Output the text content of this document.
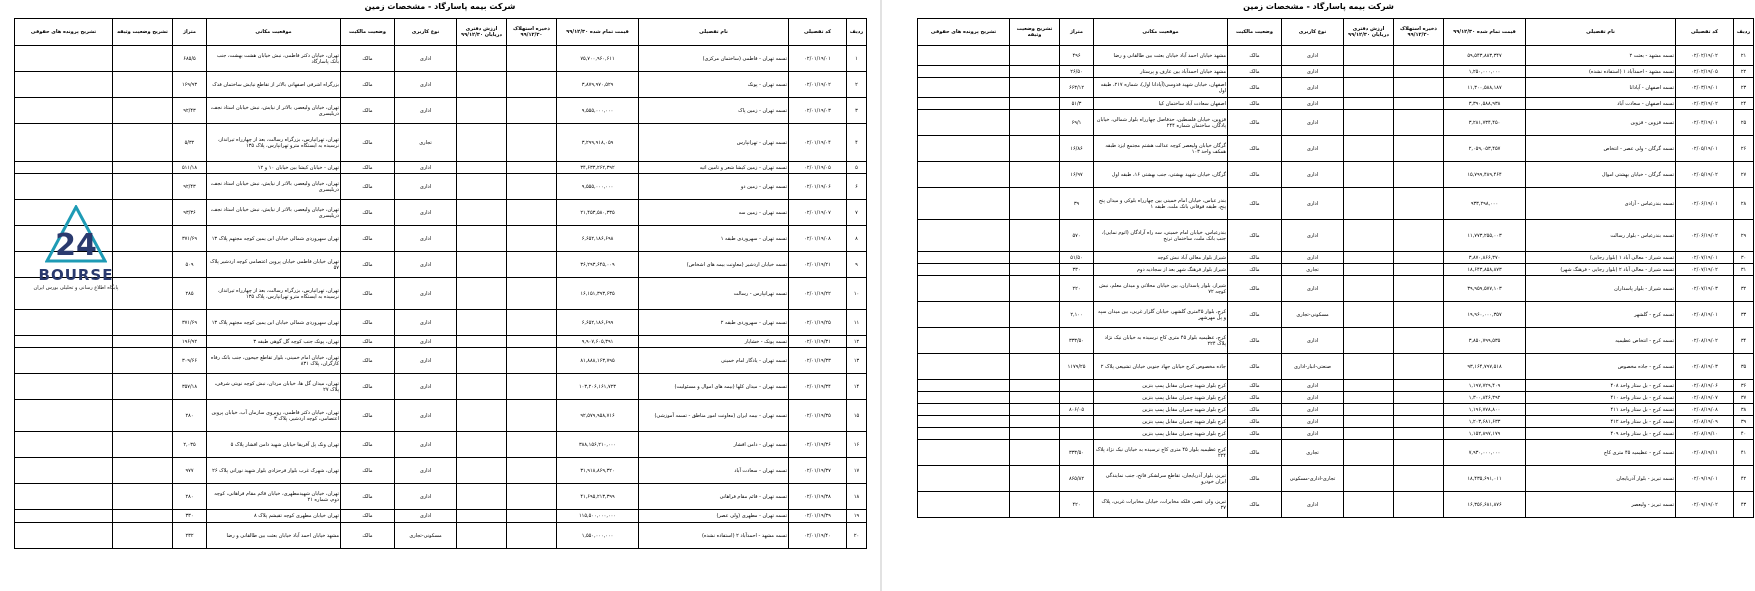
شرکت بیمه پاسارگاد - مشخصات زمین
ردیف	کد تفصیلی	نام تفصیلی	قیمت تمام شده ۹۹/۱۲/۳۰	ذخیره استهلاک ۹۹/۱۲/۳۰	ارزش دفتری دریایان ۹۹/۱۲/۳۰	نوع کاربری	وضعیت مالکیت	موقعیت مکانی	متراژ	تشریح وضعیت وثیقه	تشریح پرونده های حقوقی
۱	۰۲/۰۱/۱۹/۰۱	تسمه تهران - فاطمی (ساختمان مرکزی)	۷۵,۷۰۰,۹۶۰,۶۱۱			اداری	مالک	تهران، خیابان دکتر فاطمی، نبش خیابان هشت بهشت، جنب بانک پاسارگاد	۶۸۵/۵		
۲	۰۲/۰۱/۱۹/۰۲	تسمه تهران - پونک	۳,۸۷۹,۹۷۰,۵۲۹			اداری	مالک	بزرگراه اشرفی اصفهانی بالاتر از تقاطع نیایش ساختمان فدک	۱۶۹/۹۳		
۳	۰۲/۰۱/۱۹/۰۳	تسمه تهران - زمین پاک	۹,۵۵۵,۰۰۰,۰۰۰			اداری	مالک	تهران، خیابان ولیعصر، بالاتر از نیایش، نبش خیابان استاد نجف، دربلیسری	۹۲/۴۳		
۴	۰۲/۰۱/۱۹/۰۴	تسمه تهران - تهرانپارس	۳,۲۹۹,۹۱۸,۰۵۹			تجاری	مالک	تهران، تهرانپارس، بزرگراه رسالت، بعد از چهارراه تیرانداز، نرسیده به ایستگاه مترو تهرانپارس، پلاک ۱۳۵	۵/۳۲		
۵	۰۲/۰۱/۱۹/۰۵	تسمه تهران - زمین کیشا شعر و تامین اثیه	۳۴,۶۳۳,۲۶۲,۳۹۲			اداری	مالک	تهران - خیابان کیشا بین خیابان ۱۰ و ۱۲	۵۱۱/۱۸		
۶	۰۲/۰۱/۱۹/۰۶	تسمه تهران - زمین دو	۹,۵۵۵,۰۰۰,۰۰۰			اداری	مالک	تهران، خیابان ولیعصر، بالاتر از نیایش، نبش خیابان استاد نجف، دربلیسری	۹۲/۴۳		
۷	۰۲/۰۱/۱۹/۰۷	تسمه تهران - زمین سه	۲۱,۴۵۳,۵۸۰,۳۳۵			اداری	مالک	تهران، خیابان ولیعصر، بالاتر از نیایش، نبش خیابان استاد نجف، دربلیسری	۹۳/۳۶		
۸	۰۲/۰۱/۱۹/۰۸	تسمه تهران - سهروردی طبقه ۱	۶,۶۵۲,۱۸۶,۶۹۸			اداری	مالک	تهران سهروردی شمالی خیابان ابن یمین کوچه مجتهم پلاک ۱۳	۳۷۱/۶۹		
۹	۰۲/۰۱/۱۹/۲۱	تسمه خیابان اردشیر (معاونت بیمه های اشخاص)	۳۶,۲۹۳,۶۴۵,۰۰۹			اداری	مالک	تهران خیابان فاطمی خیابان پروین اعتصامی کوچه اردشیر پلاک ۵۷	۵۰۹		
۱۰	۰۲/۰۱/۱۹/۲۲	تسمه تهرانپارس - رسالت	۱۶,۱۵۱,۳۹۳,۶۳۵			اداری	مالک	تهران، تهرانپارس، بزرگراه رسالت، بعد از چهارراه تیرانداز، نرسیده به ایستگاه مترو تهرانپارس، پلاک ۱۳۵	۲۸۵		
۱۱	۰۲/۰۱/۱۹/۲۵	تسمه تهران - سهروردی طبقه ۲	۶,۶۵۲,۱۸۶,۶۹۹			اداری	مالک	تهران سهروردی شمالی خیابان ابن یمین کوچه مجتهم پلاک ۱۳	۳۷۱/۶۹		
۱۲	۰۲/۰۱/۱۹/۳۱	تسمه پونک - خشایار	۹,۹۰۷,۶۰۵,۳۹۱			اداری	مالک	تهران، پونک جنب کوچه گل گوهی طبقه ۳	۱۹۶/۹۲		
۱۳	۰۲/۰۱/۱۹/۳۳	تسمه تهران - یادگار امام خمینی	۸۱,۸۸۸,۱۶۳,۷۹۵			اداری	مالک	تهران، خیابان امام خمینی، بلوار تقاطع جیحون، جنب بانک رفاه کارگران، پلاک ۸۳۱	۳۰۹/۶۶		
۱۴	۰۲/۰۱/۱۹/۳۴	تسمه تهران - میدان کلها (بیمه های اموال و مسئولیت)	۱۰۳,۲۰۶,۱۶۱,۷۲۳			اداری	مالک	تهران، میدان گل ها، خیابان مردان، نبش کوچه نوبتی شرقی، پلاک ۲۷	۳۵۷/۱۸		
۱۵	۰۲/۰۱/۱۹/۳۵	تسمه تهران - بیمه ایران (معاونت امور مناطق - تسمه آموزشی)	۹۲,۵۷۹,۹۵۸,۷۱۶			اداری	مالک	تهران، خیابان دکتر فاطمی، روبروی سازمان آب، خیابان پروین اعتصامی، کوچه اردشیر، پلاک ۳	۲۸۰		
۱۶	۰۲/۰۱/۱۹/۳۶	تسمه تهران - دامن افشار	۳۸۸,۱۵۶,۲۱۰,۰۰۰			اداری	مالک	تهران ونک پل آفریقا خیابان شهید دامن افشار پلاک ۵	۲,۰۳۵		
۱۷	۰۲/۰۱/۱۹/۳۷	تسمه تهران - سعادت آباد	۳۱,۹۱۸,۸۶۹,۳۲۰			اداری	مالک	تهران، شهرک غرب بلوار فرحزادی بلوار شهید نورانی پلاک ۲۶	۹۷۷		
۱۸	۰۲/۰۱/۱۹/۳۸	تسمه تهران - قائم مقام فراهانی	۴۱,۶۹۵,۲۱۳,۳۹۹			اداری	مالک	تهران، خیابان شهیدمطهری، خیابان قائم مقام فراهانی، کوچه دوم، شماره ۲۱	۲۸۰		
۱۹	۰۲/۰۱/۱۹/۳۹	تسمه تهران - مطهری (ولی عصر)	۱۱۵,۵۰۰,۰۰۰,۰۰۰			اداری	مالک	تهران خیابان مطهری کوچه تقیشم پلاک ۸	۳۳۰		
۲۰	۰۲/۰۱/۱۹/۴۰	تسمه مشهد - احمدآباد ۲ (استفاده نشده)	۱,۵۵۰,۰۰۰,۰۰۰			مسکونی-تجاری	مالک	مشهد خیابان احمد آباد خیابان بعثت بین طالقانی و رضا	۲۳۲		
24
BOURSE
پایگاه اطلاع رسانی و تحلیلی بورس ایران
شرکت بیمه پاسارگاد - مشخصات زمین
ردیف	کد تفصیلی	نام تفصیلی	قیمت تمام شده ۹۹/۱۲/۳۰	ذخیره استهلاک ۹۹/۱۲/۳۰	ارزش دفتری دریایان ۹۹/۱۲/۳۰	نوع کاربری	وضعیت مالکیت	موقعیت مکانی	متراژ	تشریح وضعیت وثیقه	تشریح پرونده های حقوقی
۲۱	۰۲/۰۲/۱۹/۰۲	تسمه مشهد - بعثت ۲	۵۹,۵۴۳,۸۸۳,۳۴۷			اداری	مالک	مشهد خیابان احمد آباد خیابان بعثت بین طالقانی و رضا	۴۹۶		
۲۲	۰۲/۰۲/۱۹/۰۵	تسمه مشهد - احمدآباد ۱ (استفاده نشده)	۱,۲۵۰,۰۰۰,۰۰۰			اداری	مالک	مشهد خیابان احمدآباد بین عارف و پرستار	۲۶/۵۰		
۲۳	۰۲/۰۳/۱۹/۰۱	تسمه اصفهان - آپادانا	۱۱,۳۰۰,۵۸۸,۱۸۷			اداری	مالک	اصفهان، خیابان شهید قدوسی(آپادانا اول)، شماره ۲۱۷، طبقه اول	۶۶۳/۱۲		
۲۴	۰۲/۰۳/۱۹/۰۲	تسمه اصفهان - سعادت آباد	۳,۳۹۰,۵۸۸,۹۳۸			اداری	مالک	اصفهان سعادت آباد ساختمان کیا	۵۱/۳		
۲۵	۰۲/۰۴/۱۹/۰۱	تسمه قزوین - قزوین	۳,۲۸۱,۷۳۴,۴۵۰			اداری	مالک	قزوین، خیابان فلسطین، حدفاصل چهارراه بلوار شمالی، خیابان پادگان، ساختمان شماره ۲۴۴	۶۹/۱		
۲۶	۰۲/۰۵/۱۹/۰۱	تسمه گرگان - ولی عصر - انتخاص	۲,۰۵۹,۰۵۳,۴۵۷			اداری	مالک	گرگان خیابان ولیعصر کوچه عدالت هشتم مجتمع ایزد طبقه همکف واحد ۱۰۳	۱۶/۸۶		
۲۷	۰۲/۰۵/۱۹/۰۲	تسمه گرگان - خیابان بهشتی اموال	۱۵,۷۹۹,۴۸۹,۴۶۴			اداری	مالک	گرگان، خیابان شهید بهشتی، جنب بهشتی ۱۶، طبقه اول	۱۶/۹۷		
۲۸	۰۲/۰۶/۱۹/۰۱	تسمه بندرعباس - آزادی	۹۳۳,۲۹۸,۰۰۰			اداری	مالک	بندر عباس، خیابان امام خمینی بین چهارراه بلوکی و میدان پنج پنج، طبقه فوقانی بانک ملت، طبقه ۱	۳۹		
۲۹	۰۲/۰۶/۱۹/۰۲	تسمه بندرعباس - بلوار رسالت	۱۱,۷۷۳,۲۵۵,۰۰۳			اداری	مالک	بندرعباس، خیابان امام خمینی، سه راه آرادگان (اتوم نمایی)، جنب بانک ملت، ساختمان ترنج	۵۷۰		
۳۰	۰۲/۰۷/۱۹/۰۱	تسمه شیراز - معالی آباد ۱ (بلوار رجایی)	۳,۸۷۰,۸۶۶,۳۷۰			اداری	مالک	شیراز بلوار معالی آباد نبش کوچه	۵۱/۵۰		
۳۱	۰۲/۰۷/۱۹/۰۲	تسمه شیراز - معالی آباد ۲ (بلوار رجایی - فرهنگ شهر)	۱۸,۶۴۳,۸۵۸,۸۷۳			تجاری	مالک	شیراز بلوار فرهنگ شهر بعد از سجادیه دوم	۳۳۰		
۳۲	۰۲/۰۷/۱۹/۰۳	تسمه شیراز - بلوار پاسداران	۳۹,۹۵۹,۵۷۷,۱۰۳			اداری	مالک	شیراز، بلوار پاسداران، بین خیابان محلاتی و میدان معلم، نبش کوچه ۷۲	۲۲۰		
۳۳	۰۲/۰۸/۱۹/۰۱	تسمه کرج - گلشهر	۱۹,۹۶۰,۰۰۰,۳۵۷			مسکونی-تجاری	مالک	کرج، بلوار ۴۵متری گلشهر، خیابان گلزار غربی، بین میدان سپه و پل مهرشهر	۲,۱۰۰		
۳۴	۰۲/۰۸/۱۹/۰۲	تسمه کرج - انتخاص عظیمیه	۳,۸۵۰,۷۹۹,۵۳۵			اداری	مالک	کرج، عظیمیه بلوار ۴۵ متری کاج نرسیده به خیابان نیک نژاد پلاک ۲۲۴	۳۳۳/۵۰		
۳۵	۰۲/۰۸/۱۹/۰۳	تسمه کرج - جاده مخصوص	۹۳,۱۶۴,۷۹۷,۵۱۸			صنعتی-انبار-اداری	مالک	جاده مخصوص کرج خیابان جهاد جنوبی خیابان تشییعی پلاک ۲	۱۱۷۹/۲۵		
۳۶	۰۲/۰۸/۱۹/۰۶	تسمه کرج - بل ستار واحد ۴۰۸	۱,۱۹۷,۷۲۹,۴۰۹			اداری	مالک	کرج بلوار شهید چمران مقابل پمپ بنزین			
۳۷	۰۲/۰۸/۱۹/۰۷	تسمه کرج - بل ستار واحد ۴۱۰	۱,۳۰۰,۸۴۶,۳۹۲			اداری	مالک	کرج بلوار شهید چمران مقابل پمپ بنزین			
۳۸	۰۲/۰۸/۱۹/۰۸	تسمه کرج - بل ستار واحد ۴۱۱	۱,۱۹۶,۷۷۸,۸۰۰			اداری	مالک	کرج بلوار شهید چمران مقابل پمپ بنزین	۸۰۶/۰۵		
۳۹	۰۲/۰۸/۱۹/۰۹	تسمه کرج - بل ستار واحد ۴۱۲	۱,۲۰۳,۶۸۱,۶۳۳			اداری	مالک	کرج بلوار شهید چمران مقابل پمپ بنزین			
۴۰	۰۲/۰۸/۱۹/۱۰	تسمه کرج - بل ستار واحد ۴۰۹	۱,۱۵۲,۸۹۷,۱۷۹			اداری	مالک	کرج بلوار شهید چمران مقابل پمپ بنزین			
۴۱	۰۲/۰۸/۱۹/۱۱	تسمه کرج - عظیمیه ۴۵ متری کاج	۷,۹۳۰,۰۰۰,۰۰۰			تجاری	مالک	کرج عظیمیه بلوار ۴۵ متری کاج نرسیده به خیابان نیک نژاد پلاک ۲۲۴	۳۳۳/۵۰		
۴۲	۰۲/۰۹/۱۹/۰۱	تسمه تبریز - بلوار آذربایجان	۱۸,۴۳۵,۶۹۱,۰۱۱			تجاری-اداری-مسکونی	مالک	تبریز، بلوار آذربایجان، تقاطع سرلشکر فاتح، جنب نمایندگی ایران خودرو	۸۶۵/۸۲		
۴۳	۰۲/۰۹/۱۹/۰۲	تسمه تبریز - ولیعصر	۱۶,۳۵۶,۶۸۱,۸۷۶			اداری	مالک	تبریز، ولی عصر، فلکه مخابرات، خیابان مخابرات غربی، پلاک ۲۷	۴۲۰		
